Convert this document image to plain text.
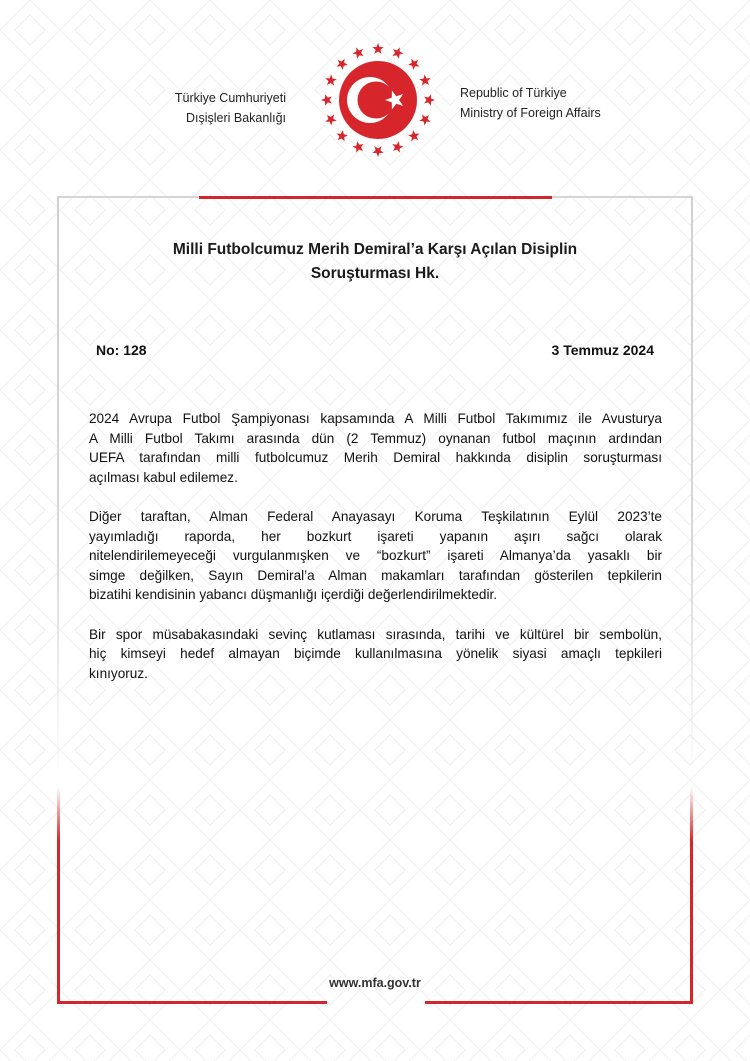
Türkiye Cumhuriyeti
Dışişleri Bakanlığı
Republic of Türkiye
Ministry of Foreign Affairs
Milli Futbolcumuz Merih Demiral’a Karşı Açılan Disiplin
Soruşturması Hk.
No: 128	3 Temmuz 2024
2024 Avrupa Futbol Şampiyonası kapsamında A Milli Futbol Takımımız ile Avusturya
A Milli Futbol Takımı arasında dün (2 Temmuz) oynanan futbol maçının ardından
UEFA tarafından milli futbolcumuz Merih Demiral hakkında disiplin soruşturması
açılması kabul edilemez.
Diğer taraftan, Alman Federal Anayasayı Koruma Teşkilatının Eylül 2023’te
yayımladığı raporda, her bozkurt işareti yapanın aşırı sağcı olarak
nitelendirilemeyeceği vurgulanmışken ve “bozkurt” işareti Almanya’da yasaklı bir
simge değilken, Sayın Demiral’a Alman makamları tarafından gösterilen tepkilerin
bizatihi kendisinin yabancı düşmanlığı içerdiği değerlendirilmektedir.
Bir spor müsabakasındaki sevinç kutlaması sırasında, tarihi ve kültürel bir sembolün,
hiç kimseyi hedef almayan biçimde kullanılmasına yönelik siyasi amaçlı tepkileri
kınıyoruz.
www.mfa.gov.tr
